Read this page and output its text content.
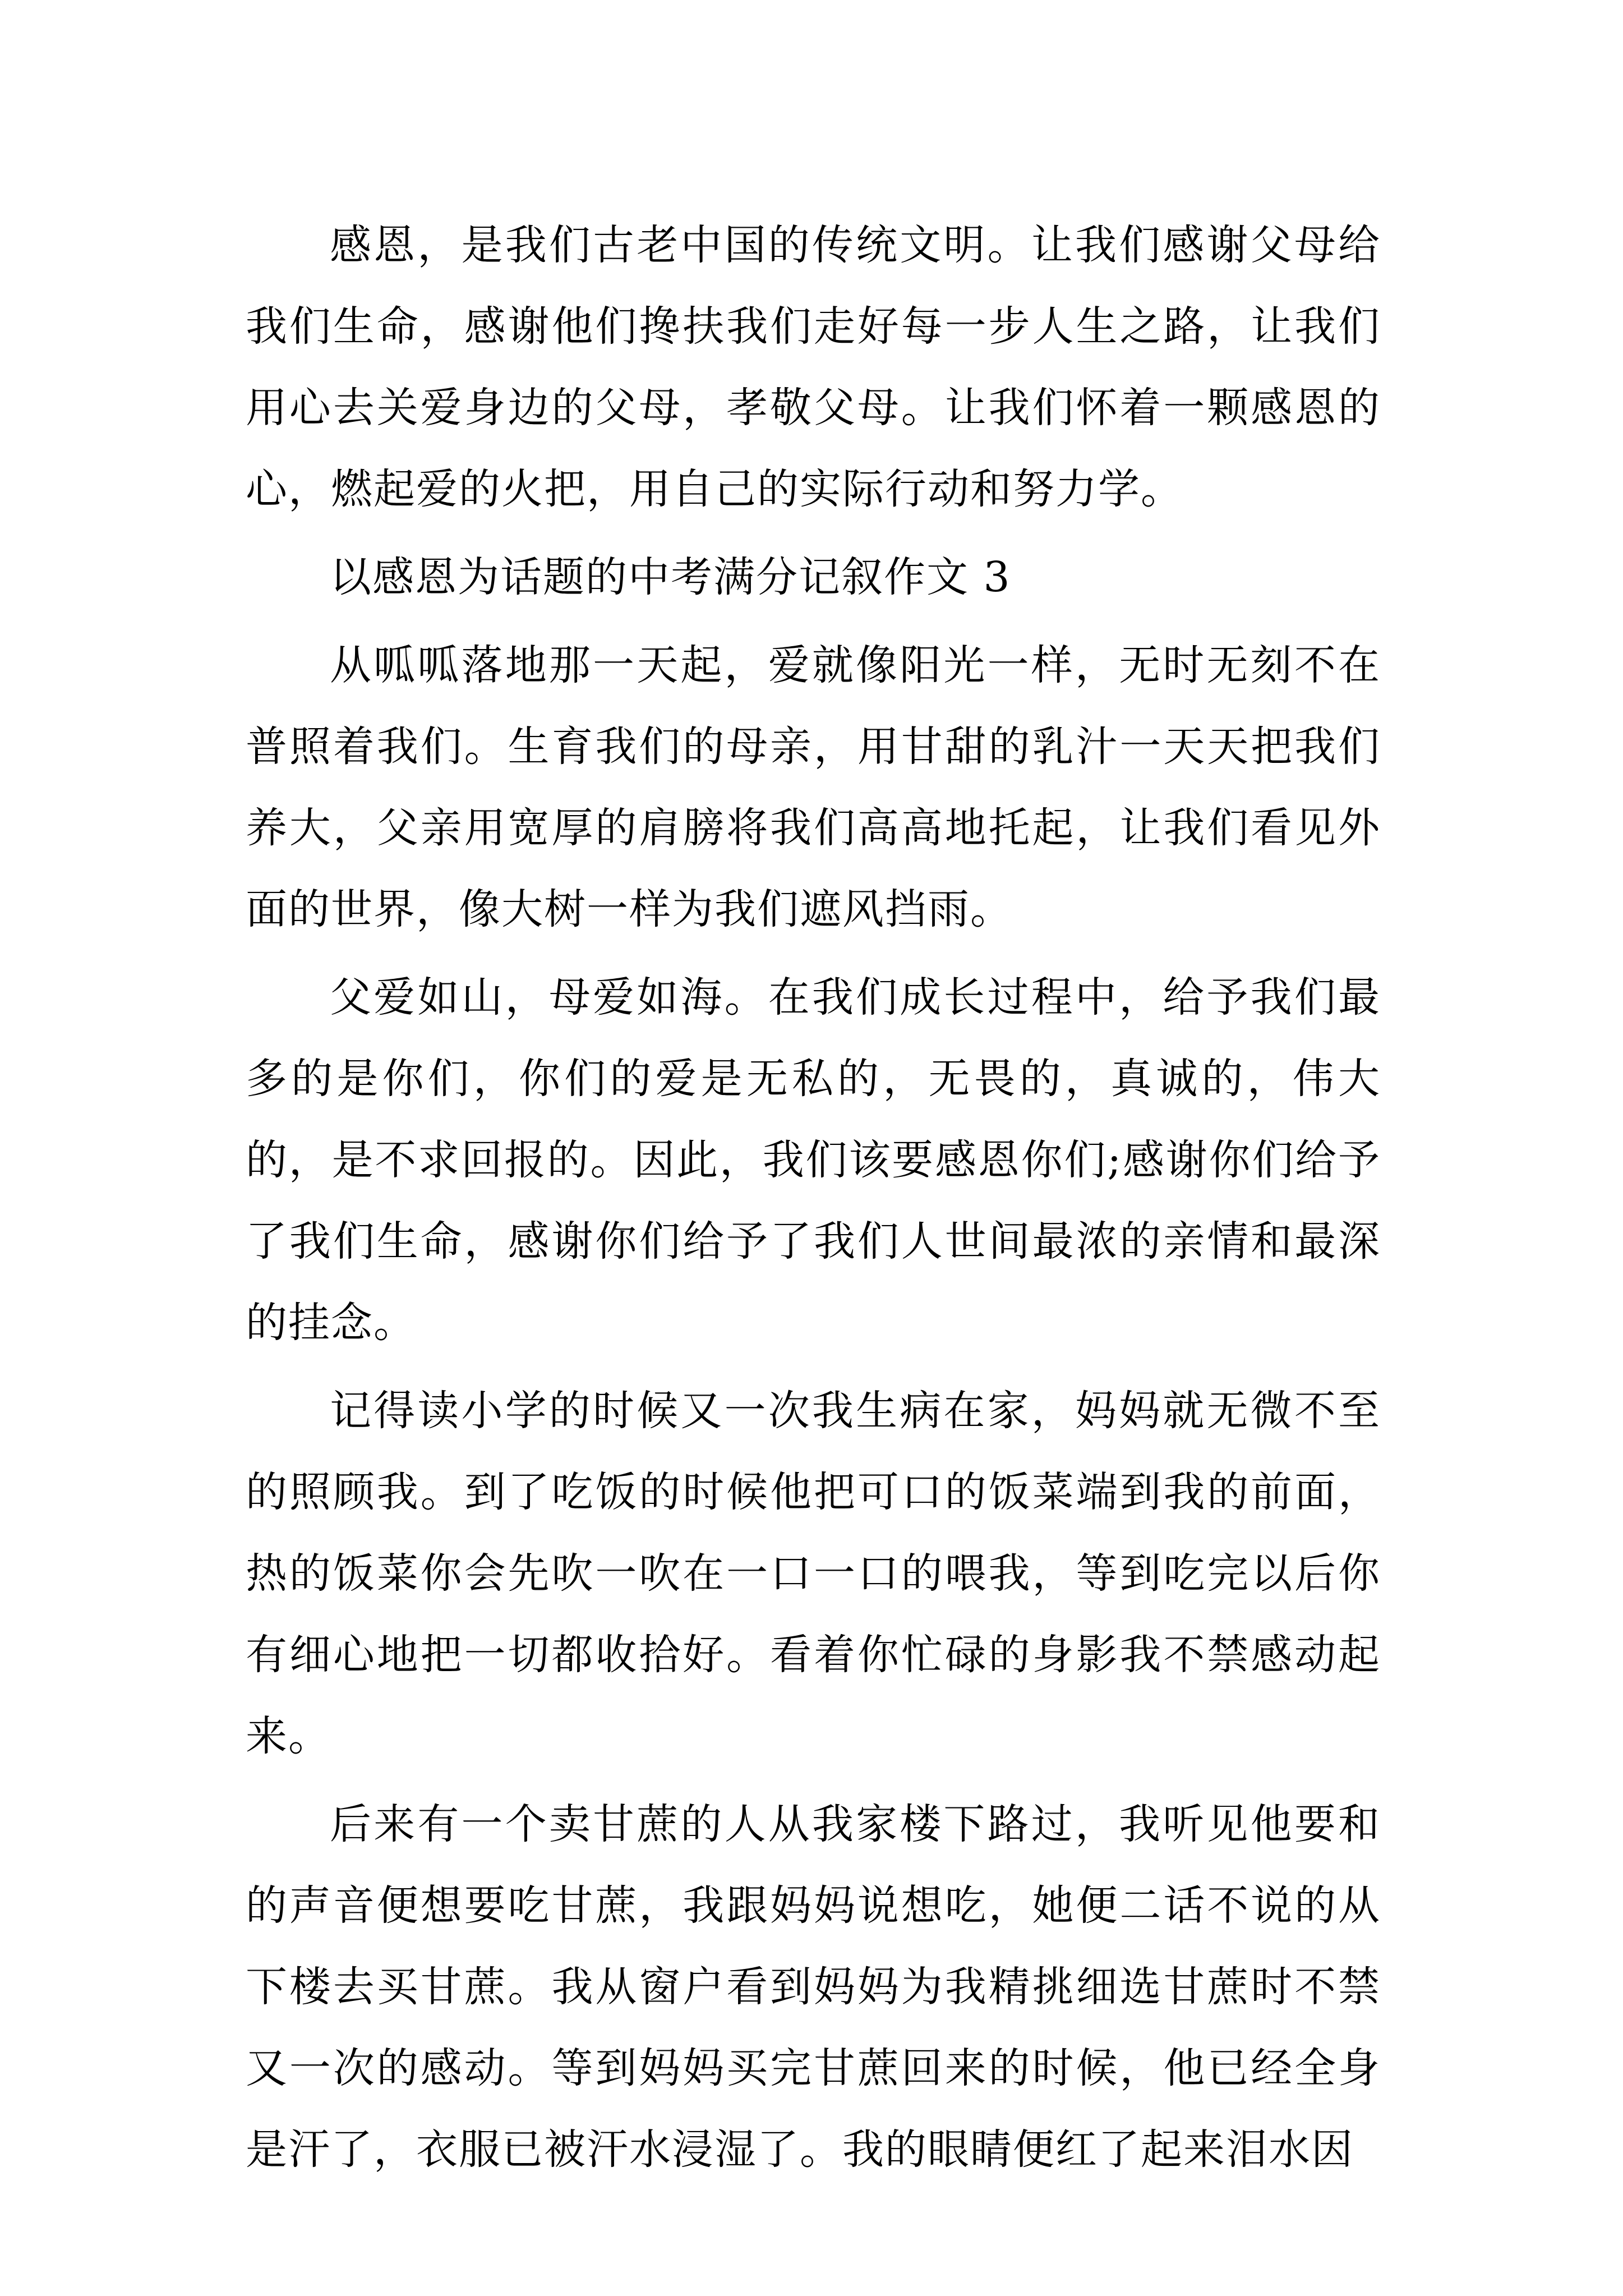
感恩，是我们古老中国的传统文明。让我们感谢父母给我们生命，感谢他们搀扶我们走好每一步人生之路，让我们用心去关爱身边的父母，孝敬父母。让我们怀着一颗感恩的心，燃起爱的火把，用自己的实际行动和努力学。

以感恩为话题的中考满分记叙作文 3

从呱呱落地那一天起，爱就像阳光一样，无时无刻不在普照着我们。生育我们的母亲，用甘甜的乳汁一天天把我们养大，父亲用宽厚的肩膀将我们高高地托起，让我们看见外面的世界，像大树一样为我们遮风挡雨。

父爱如山，母爱如海。在我们成长过程中，给予我们最多的是你们，你们的爱是无私的，无畏的，真诚的，伟大的，是不求回报的。因此，我们该要感恩你们;感谢你们给予了我们生命，感谢你们给予了我们人世间最浓的亲情和最深的挂念。

记得读小学的时候又一次我生病在家，妈妈就无微不至的照顾我。到了吃饭的时候他把可口的饭菜端到我的前面，热的饭菜你会先吹一吹在一口一口的喂我，等到吃完以后你有细心地把一切都收拾好。看着你忙碌的身影我不禁感动起来。

后来有一个卖甘蔗的人从我家楼下路过，我听见他要和的声音便想要吃甘蔗，我跟妈妈说想吃，她便二话不说的从下楼去买甘蔗。我从窗户看到妈妈为我精挑细选甘蔗时不禁又一次的感动。等到妈妈买完甘蔗回来的时候，他已经全身是汗了，衣服已被汗水浸湿了。我的眼睛便红了起来泪水因
